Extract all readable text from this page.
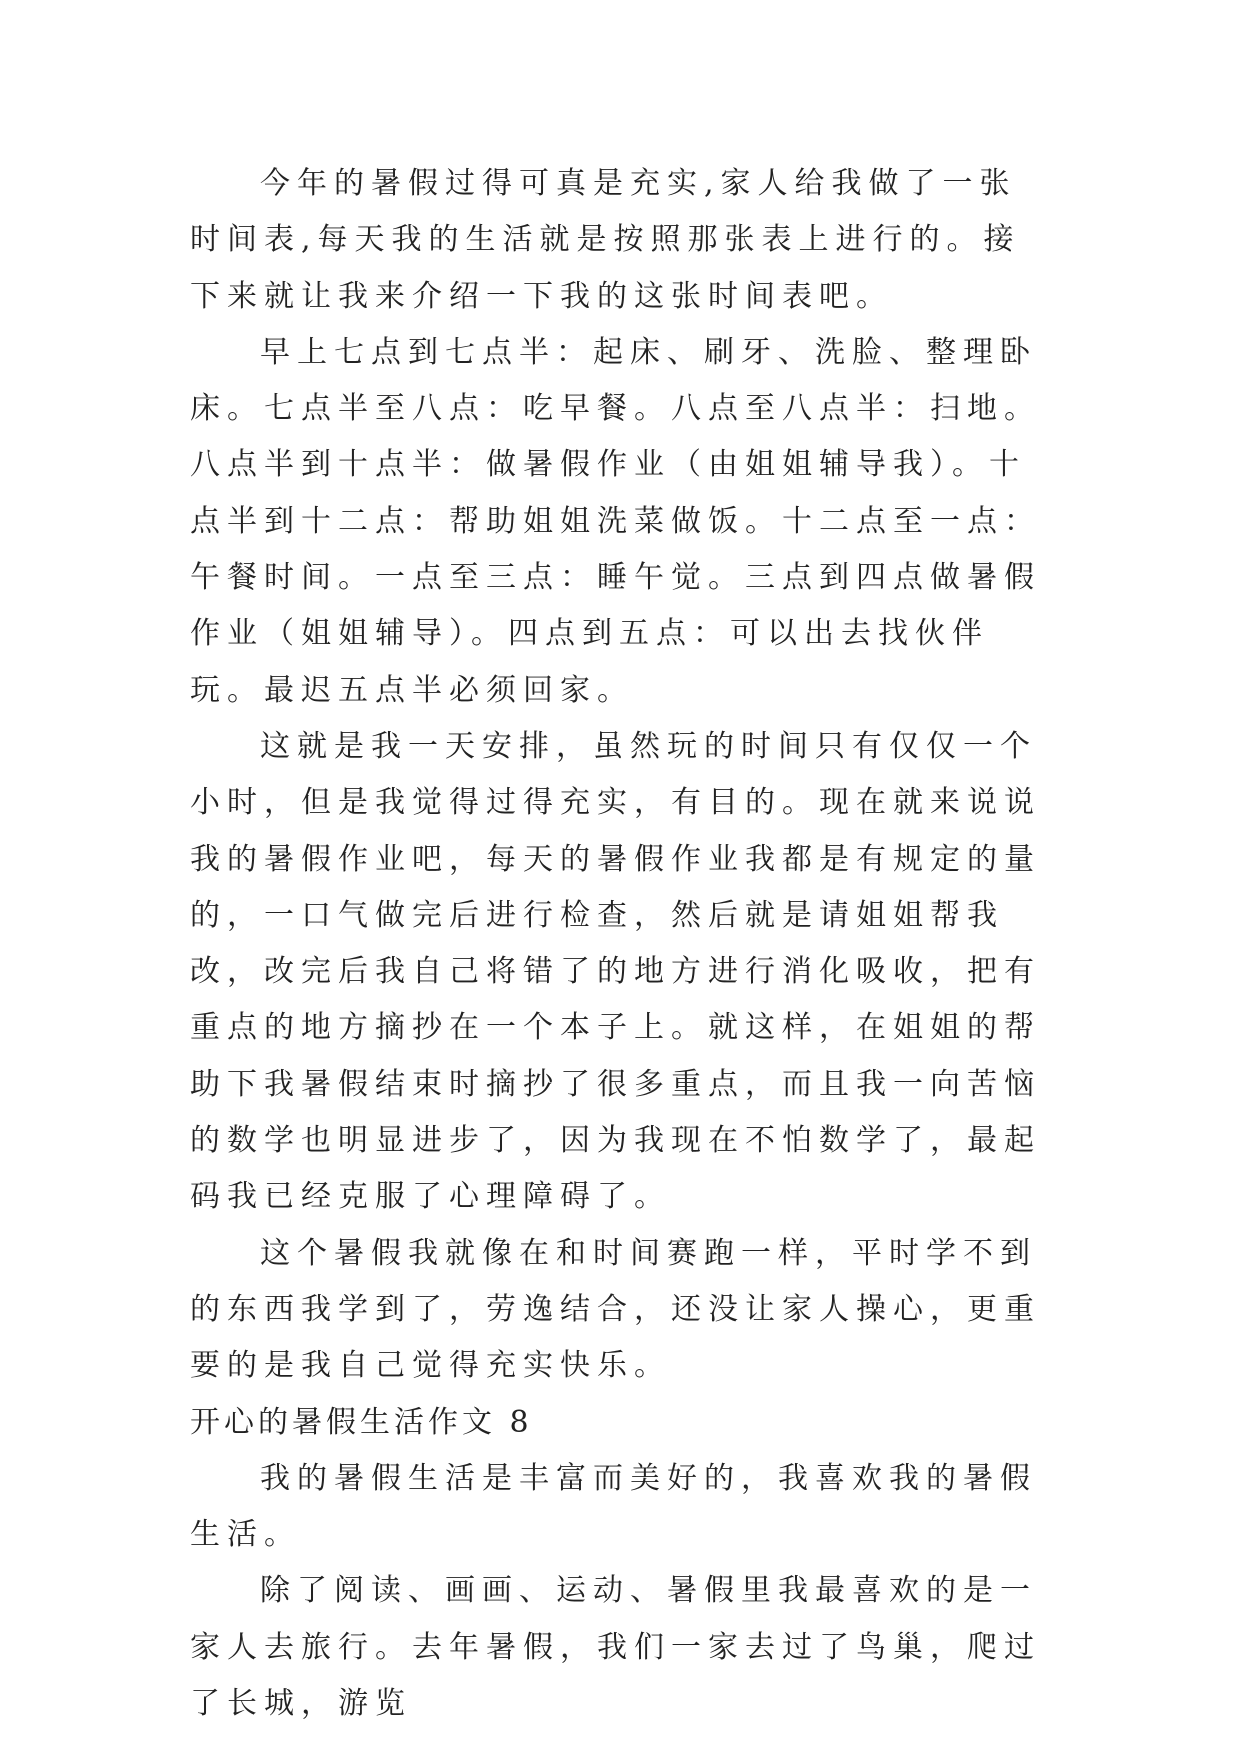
今年的暑假过得可真是充实,家人给我做了一张时间表,每天我的生活就是按照那张表上进行的。接下来就让我来介绍一下我的这张时间表吧。

早上七点到七点半：起床、刷牙、洗脸、整理卧床。七点半至八点：吃早餐。八点至八点半：扫地。八点半到十点半：做暑假作业（由姐姐辅导我）。十点半到十二点：帮助姐姐洗菜做饭。十二点至一点：午餐时间。一点至三点：睡午觉。三点到四点做暑假作业（姐姐辅导）。四点到五点：可以出去找伙伴玩。最迟五点半必须回家。

这就是我一天安排，虽然玩的时间只有仅仅一个小时，但是我觉得过得充实，有目的。现在就来说说我的暑假作业吧，每天的暑假作业我都是有规定的量的，一口气做完后进行检查，然后就是请姐姐帮我改，改完后我自己将错了的地方进行消化吸收，把有重点的地方摘抄在一个本子上。就这样，在姐姐的帮助下我暑假结束时摘抄了很多重点，而且我一向苦恼的数学也明显进步了，因为我现在不怕数学了，最起码我已经克服了心理障碍了。

这个暑假我就像在和时间赛跑一样，平时学不到的东西我学到了，劳逸结合，还没让家人操心，更重要的是我自己觉得充实快乐。

开心的暑假生活作文 8

我的暑假生活是丰富而美好的，我喜欢我的暑假生活。

除了阅读、画画、运动、暑假里我最喜欢的是一家人去旅行。去年暑假，我们一家去过了鸟巢，爬过了长城，游览
